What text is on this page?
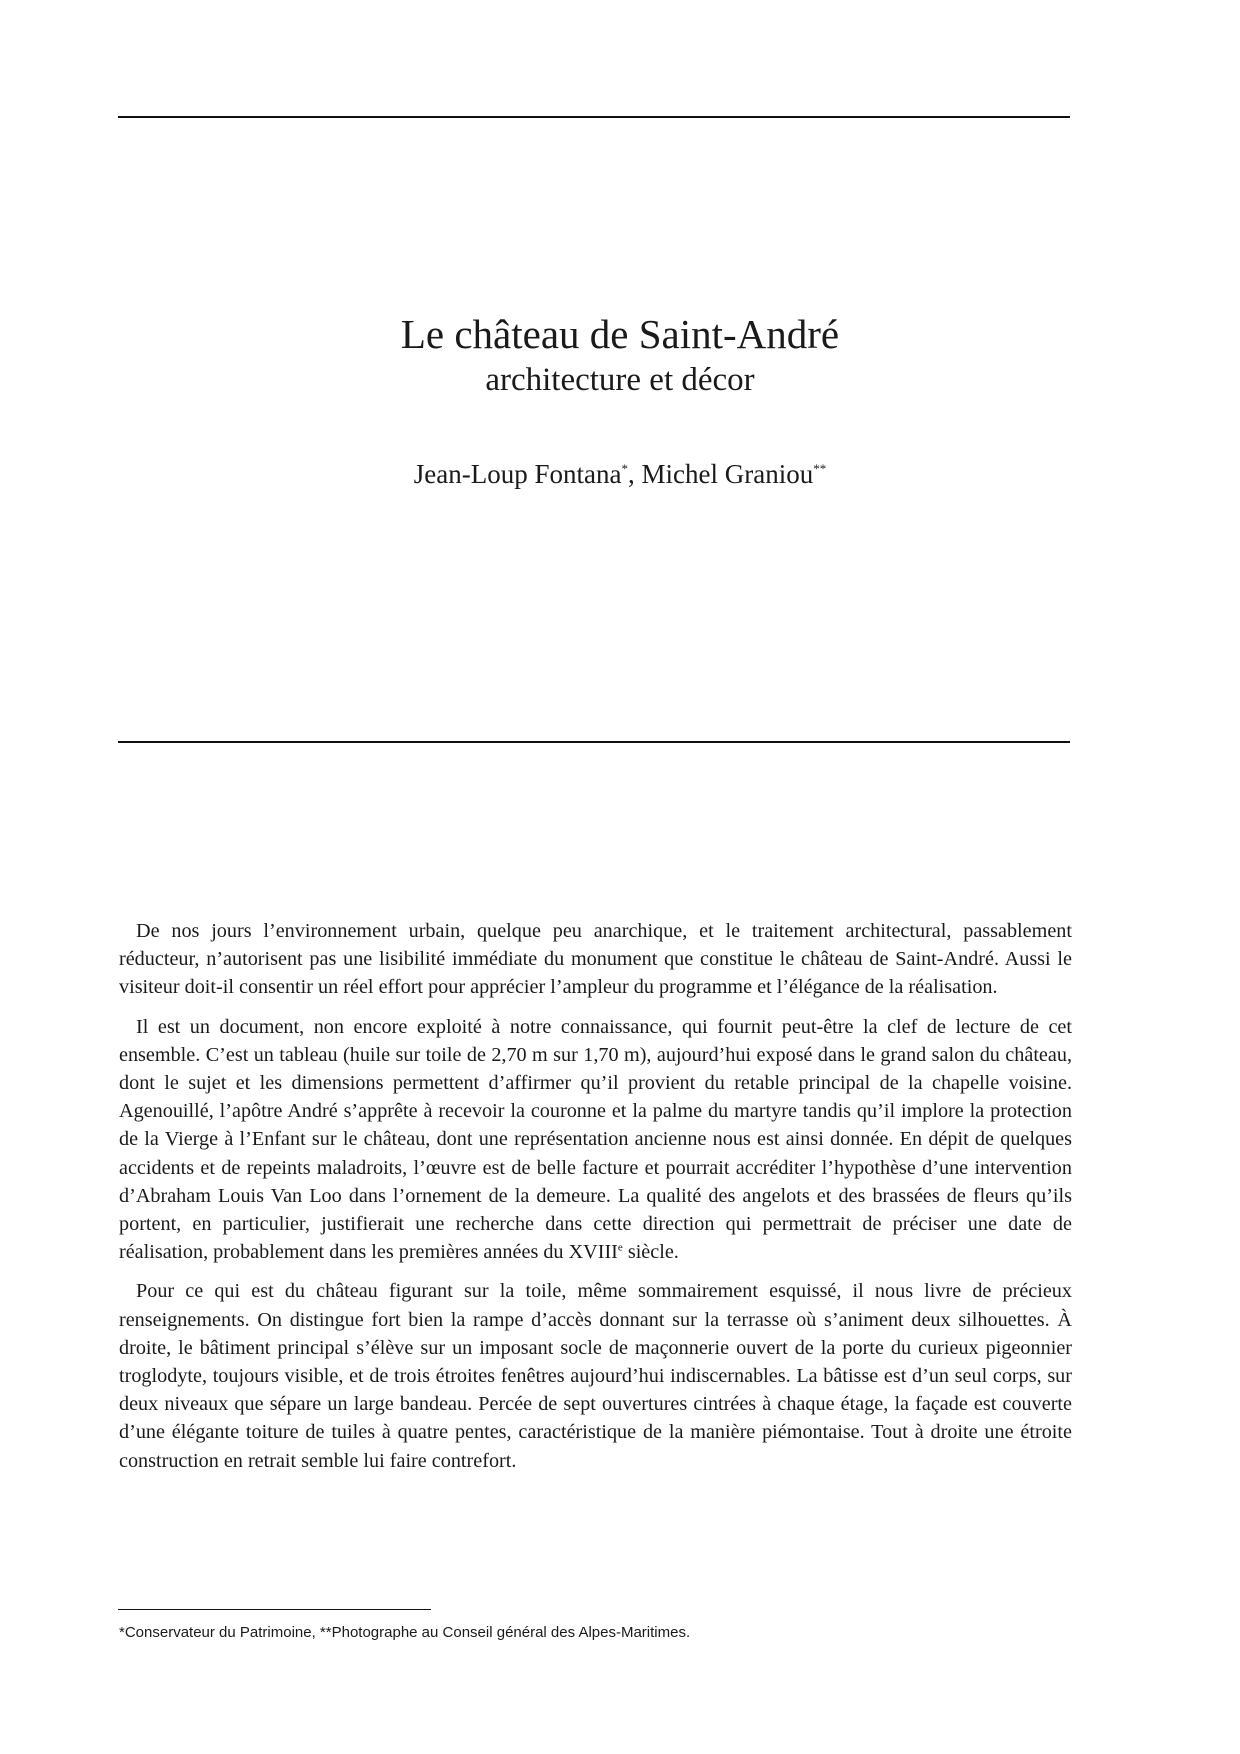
Le château de Saint-André
architecture et décor
Jean-Loup Fontana*, Michel Graniou**

De nos jours l’environnement urbain, quelque peu anarchique, et le traitement architectural, passablement réducteur, n’autorisent pas une lisibilité immédiate du monument que constitue le château de Saint-André. Aussi le visiteur doit-il consentir un réel effort pour apprécier l’ampleur du programme et l’élégance de la réalisation.

Il est un document, non encore exploité à notre connaissance, qui fournit peut-être la clef de lecture de cet ensemble. C’est un tableau (huile sur toile de 2,70 m sur 1,70 m), aujourd’hui exposé dans le grand salon du château, dont le sujet et les dimensions permettent d’affirmer qu’il provient du retable principal de la chapelle voisine. Agenouillé, l’apôtre André s’apprête à recevoir la couronne et la palme du martyre tandis qu’il implore la protection de la Vierge à l’Enfant sur le château, dont une représentation ancienne nous est ainsi donnée. En dépit de quelques accidents et de repeints maladroits, l’œuvre est de belle facture et pourrait accréditer l’hypothèse d’une intervention d’Abraham Louis Van Loo dans l’ornement de la demeure. La qualité des angelots et des brassées de fleurs qu’ils portent, en particulier, justifierait une recherche dans cette direction qui permettrait de préciser une date de réalisation, probablement dans les premières années du XVIIIe siècle.

Pour ce qui est du château figurant sur la toile, même sommairement esquissé, il nous livre de précieux renseignements. On distingue fort bien la rampe d’accès donnant sur la terrasse où s’animent deux silhouettes. À droite, le bâtiment principal s’élève sur un imposant socle de maçonnerie ouvert de la porte du curieux pigeonnier troglodyte, toujours visible, et de trois étroites fenêtres aujourd’hui indiscernables. La bâtisse est d’un seul corps, sur deux niveaux que sépare un large bandeau. Percée de sept ouvertures cintrées à chaque étage, la façade est couverte d’une élégante toiture de tuiles à quatre pentes, caractéristique de la manière piémontaise. Tout à droite une étroite construction en retrait semble lui faire contrefort.

*Conservateur du Patrimoine, **Photographe au Conseil général des Alpes-Maritimes.
